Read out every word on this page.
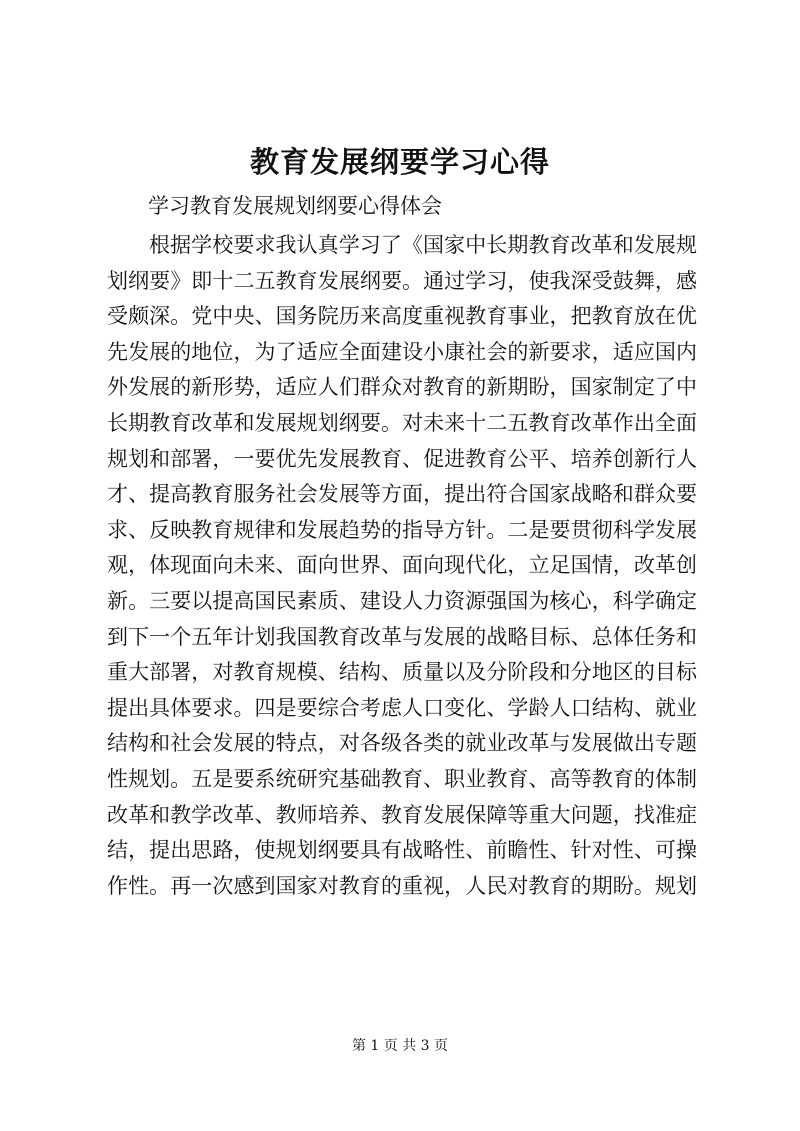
教育发展纲要学习心得
学习教育发展规划纲要心得体会
根据学校要求我认真学习了《国家中长期教育改革和发展规
划纲要》即十二五教育发展纲要。通过学习，使我深受鼓舞，感
受颇深。党中央、国务院历来高度重视教育事业，把教育放在优
先发展的地位，为了适应全面建设小康社会的新要求，适应国内
外发展的新形势，适应人们群众对教育的新期盼，国家制定了中
长期教育改革和发展规划纲要。对未来十二五教育改革作出全面
规划和部署，一要优先发展教育、促进教育公平、培养创新行人
才、提高教育服务社会发展等方面，提出符合国家战略和群众要
求、反映教育规律和发展趋势的指导方针。二是要贯彻科学发展
观，体现面向未来、面向世界、面向现代化，立足国情，改革创
新。三要以提高国民素质、建设人力资源强国为核心，科学确定
到下一个五年计划我国教育改革与发展的战略目标、总体任务和
重大部署，对教育规模、结构、质量以及分阶段和分地区的目标
提出具体要求。四是要综合考虑人口变化、学龄人口结构、就业
结构和社会发展的特点，对各级各类的就业改革与发展做出专题
性规划。五是要系统研究基础教育、职业教育、高等教育的体制
改革和教学改革、教师培养、教育发展保障等重大问题，找准症
结，提出思路，使规划纲要具有战略性、前瞻性、针对性、可操
作性。再一次感到国家对教育的重视，人民对教育的期盼。规划
第 1 页 共 3 页
